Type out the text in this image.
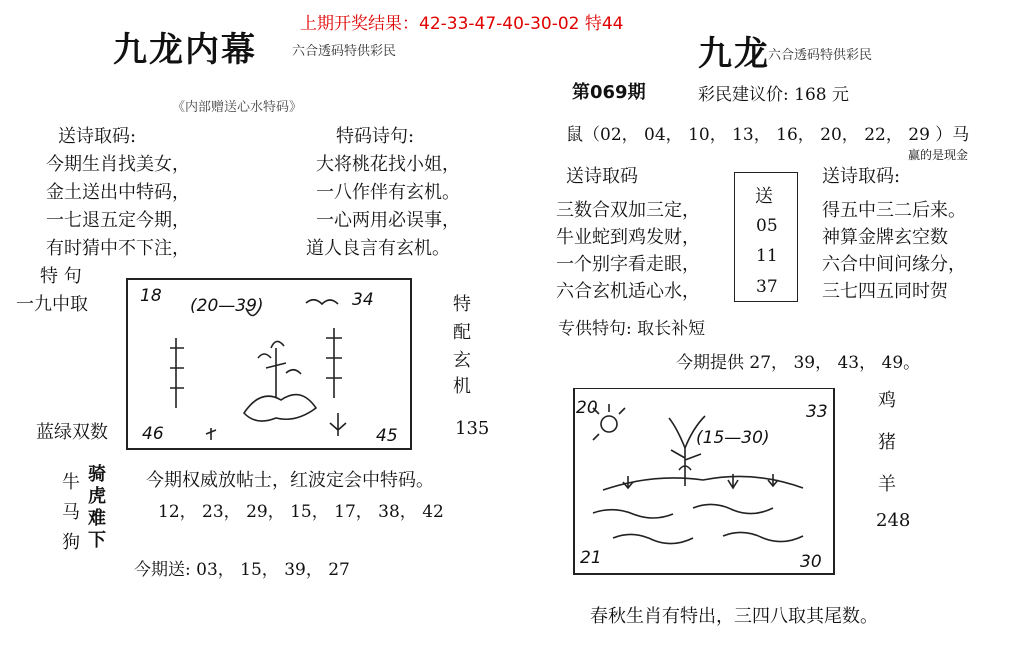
上期开奖结果：42-33-47-40-30-02 特44
九龙内幕	六合透码特供彩民
《内部赠送心水特码》
送诗取码:
今期生肖找美女，
金土送出中特码，
一七退五定今期，
有时猜中不下注，
特码诗句:
大将桃花找小姐，
一八作伴有玄机。
一心两用必误事，
道人良言有玄机。
特 句
一九中取	18 (20—39)	34
46	45
特
配
玄
机
蓝绿双数	135
牛
马
狗
骑
虎
难
下
今期权威放帖士，红波定会中特码。
12， 23， 29， 15， 17， 38， 42
今期送: 03， 15， 39， 27
九龙
六合透码特供彩民
第069期	彩民建议价: 168 元
鼠（02， 04， 10， 13， 16， 20， 22， 29 ）马
赢的是现金
送诗取码
三数合双加三定，
牛业蛇到鸡发财，
一个别字看走眼，
六合玄机适心水，
送
05
11
37
送诗取码:
得五中三二后来。
神算金牌玄空数
六合中间问缘分，
三七四五同时贺
专供特句: 取长补短
今期提供 27， 39， 43， 49。
20
(15—30)
33
21	30
鸡
猪
羊
248
春秋生肖有特出，三四八取其尾数。
